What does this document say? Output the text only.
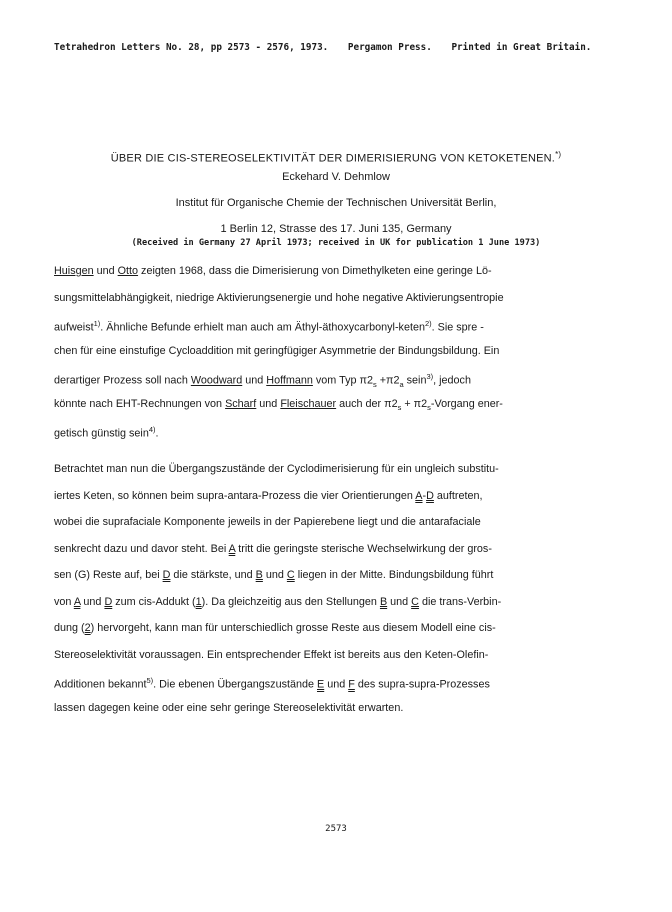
Tetrahedron Letters No. 28, pp 2573 - 2576, 1973. Pergamon Press. Printed in Great Britain.
ÜBER DIE CIS-STEREOSELEKTIVITÄT DER DIMERISIERUNG VON KETOKETENEN.*)
Eckehard V. Dehmlow
Institut für Organische Chemie der Technischen Universität Berlin,
1 Berlin 12, Strasse des 17. Juni 135, Germany
(Received in Germany 27 April 1973; received in UK for publication 1 June 1973)
Huisgen und Otto zeigten 1968, dass die Dimerisierung von Dimethylketen eine geringe Lö-
sungsmittelabhängigkeit, niedrige Aktivierungsenergie und hohe negative Aktivierungsentropie
aufweist$^{1)}$. Ähnliche Befunde erhielt man auch am Äthyl-äthoxycarbonyl-keten$^{2)}$. Sie spre -
chen für eine einstufige Cycloaddition mit geringfügiger Asymmetrie der Bindungsbildung. Ein
derartiger Prozess soll nach Woodward und Hoffmann vom Typ $\pi 2_s +\pi 2_a$ sein$^{3)}$, jedoch
könnte nach EHT-Rechnungen von Scharf und Fleischauer auch der $\pi 2_s$ + $\pi 2_s$-Vorgang ener-
getisch günstig sein$^{4)}$.
Betrachtet man nun die Übergangszustände der Cyclodimerisierung für ein ungleich substitu-
iertes Keten, so können beim supra-antara-Prozess die vier Orientierungen A-D auftreten,
wobei die suprafaciale Komponente jeweils in der Papierebene liegt und die antarafaciale
senkrecht dazu und davor steht. Bei A tritt die geringste sterische Wechselwirkung der gros-
sen (G) Reste auf, bei D die stärkste, und B und C liegen in der Mitte. Bindungsbildung führt
von A und D zum cis-Addukt (1). Da gleichzeitig aus den Stellungen B und C die trans-Verbin-
dung (2) hervorgeht, kann man für unterschiedlich grosse Reste aus diesem Modell eine cis-
Stereoselektivität voraussagen. Ein entsprechender Effekt ist bereits aus den Keten-Olefin-
Additionen bekannt$^{5)}$. Die ebenen Übergangszustände E und F des supra-supra-Prozesses
lassen dagegen keine oder eine sehr geringe Stereoselektivität erwarten.
2573
